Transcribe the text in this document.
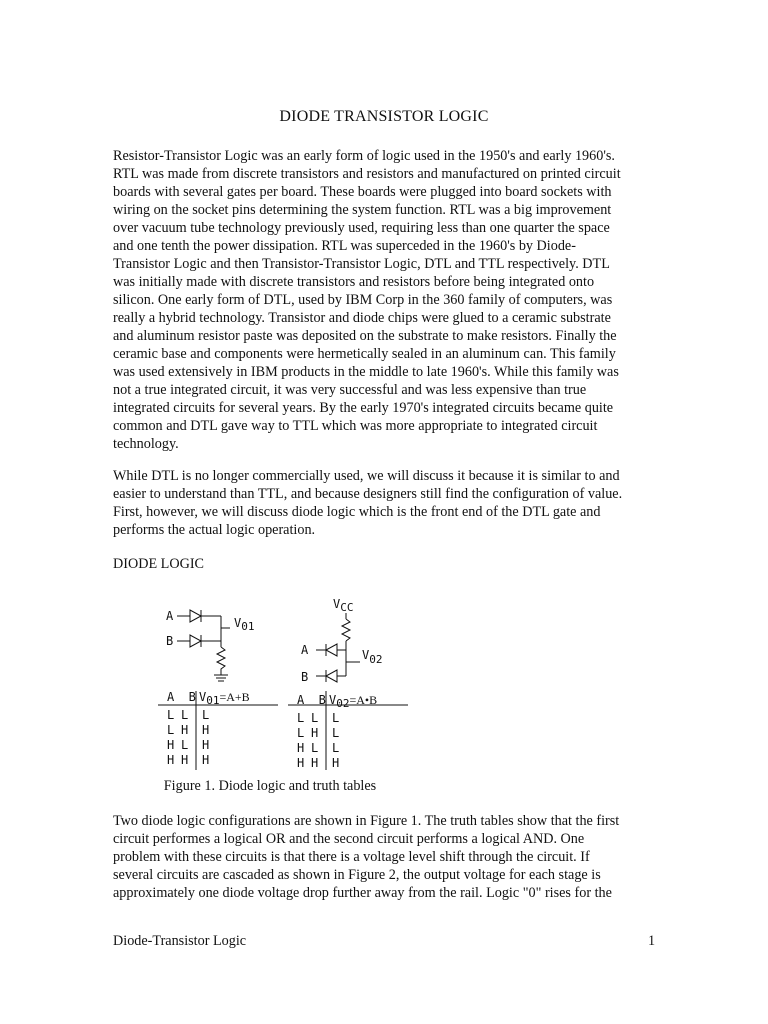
DIODE TRANSISTOR LOGIC
Resistor-Transistor Logic was an early form of logic used in the 1950's and early 1960's.
RTL was made from discrete transistors and resistors and manufactured on printed circuit
boards with several gates per board. These boards were plugged into board sockets with
wiring on the socket pins determining the system function. RTL was a big improvement
over vacuum tube technology previously used, requiring less than one quarter the space
and one tenth the power dissipation. RTL was superceded in the 1960's by Diode-
Transistor Logic and then Transistor-Transistor Logic, DTL and TTL respectively. DTL
was initially made with discrete transistors and resistors before being integrated onto
silicon. One early form of DTL, used by IBM Corp in the 360 family of computers, was
really a hybrid technology. Transistor and diode chips were glued to a ceramic substrate
and aluminum resistor paste was deposited on the substrate to make resistors. Finally the
ceramic base and components were hermetically sealed in an aluminum can. This family
was used extensively in IBM products in the middle to late 1960's. While this family was
not a true integrated circuit, it was very successful and was less expensive than true
integrated circuits for several years. By the early 1970's integrated circuits became quite
common and DTL gave way to TTL which was more appropriate to integrated circuit
technology.
While DTL is no longer commercially used, we will discuss it because it is similar to and
easier to understand than TTL, and because designers still find the configuration of value.
First, however, we will discuss diode logic which is the front end of the DTL gate and
performs the actual logic operation.
DIODE LOGIC
A
B
V01
VCC
A
B
V02
A  B V01=A+B
L L L
L H H
H L H
H H H
A  B V02=A•B
L L L
L H L
H L L
H H H
Figure 1. Diode logic and truth tables
Two diode logic configurations are shown in Figure 1. The truth tables show that the first
circuit performes a logical OR and the second circuit performs a logical AND. One
problem with these circuits is that there is a voltage level shift through the circuit. If
several circuits are cascaded as shown in Figure 2, the output voltage for each stage is
approximately one diode voltage drop further away from the rail. Logic "0" rises for the
Diode-Transistor Logic	1
